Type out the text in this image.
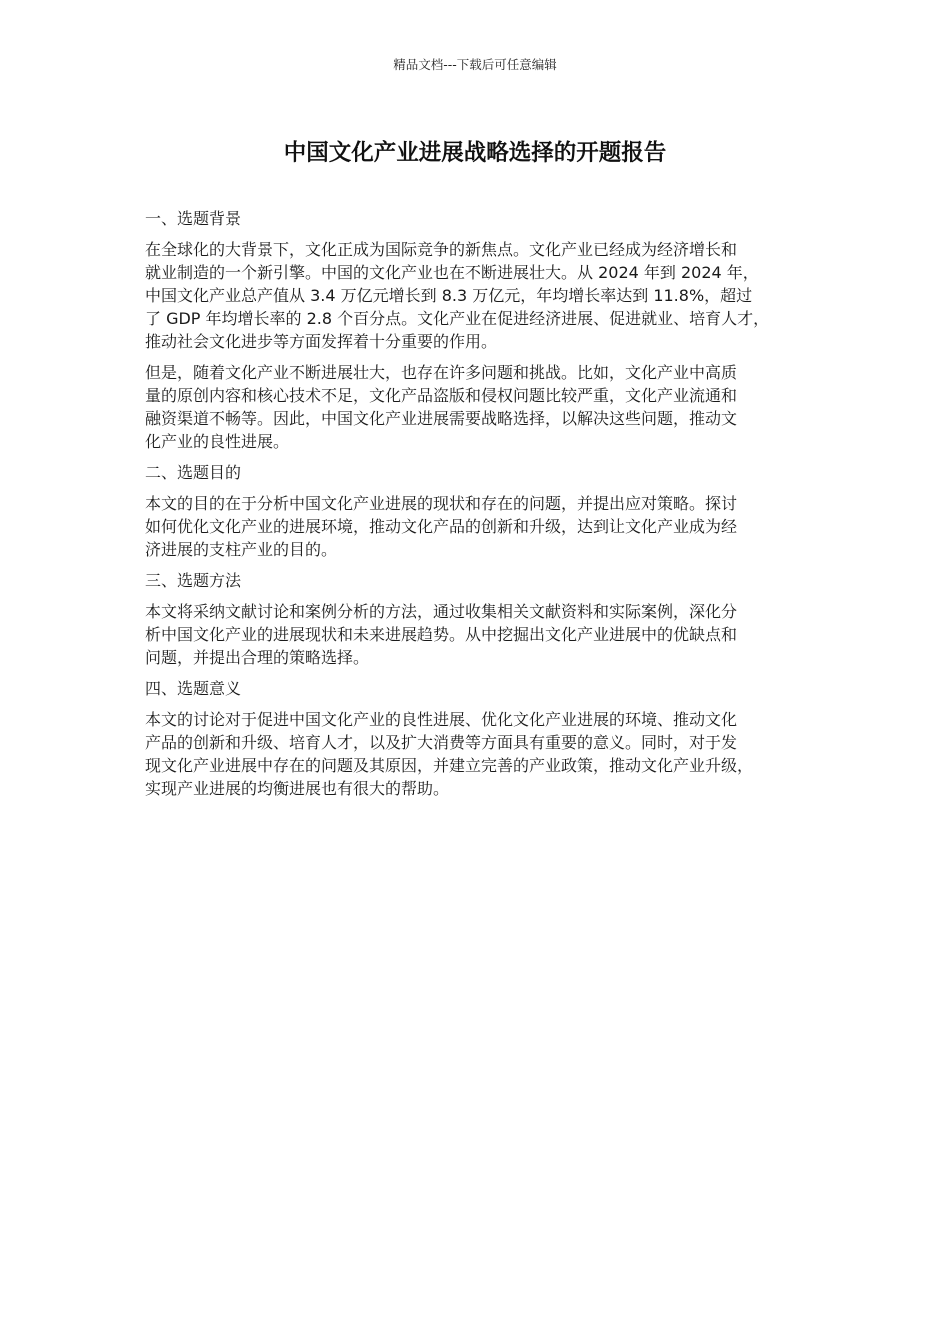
精品文档---下载后可任意编辑
中国文化产业进展战略选择的开题报告
一、选题背景

在全球化的大背景下，文化正成为国际竞争的新焦点。文化产业已经成为经济增长和
就业制造的一个新引擎。中国的文化产业也在不断进展壮大。从 2024 年到 2024 年，
中国文化产业总产值从 3.4 万亿元增长到 8.3 万亿元，年均增长率达到 11.8%，超过
了 GDP 年均增长率的 2.8 个百分点。文化产业在促进经济进展、促进就业、培育人才，
推动社会文化进步等方面发挥着十分重要的作用。

但是，随着文化产业不断进展壮大，也存在许多问题和挑战。比如，文化产业中高质
量的原创内容和核心技术不足，文化产品盗版和侵权问题比较严重，文化产业流通和
融资渠道不畅等。因此，中国文化产业进展需要战略选择，以解决这些问题，推动文
化产业的良性进展。

二、选题目的

本文的目的在于分析中国文化产业进展的现状和存在的问题，并提出应对策略。探讨
如何优化文化产业的进展环境，推动文化产品的创新和升级，达到让文化产业成为经
济进展的支柱产业的目的。

三、选题方法

本文将采纳文献讨论和案例分析的方法，通过收集相关文献资料和实际案例，深化分
析中国文化产业的进展现状和未来进展趋势。从中挖掘出文化产业进展中的优缺点和
问题，并提出合理的策略选择。

四、选题意义

本文的讨论对于促进中国文化产业的良性进展、优化文化产业进展的环境、推动文化
产品的创新和升级、培育人才，以及扩大消费等方面具有重要的意义。同时，对于发
现文化产业进展中存在的问题及其原因，并建立完善的产业政策，推动文化产业升级，
实现产业进展的均衡进展也有很大的帮助。
